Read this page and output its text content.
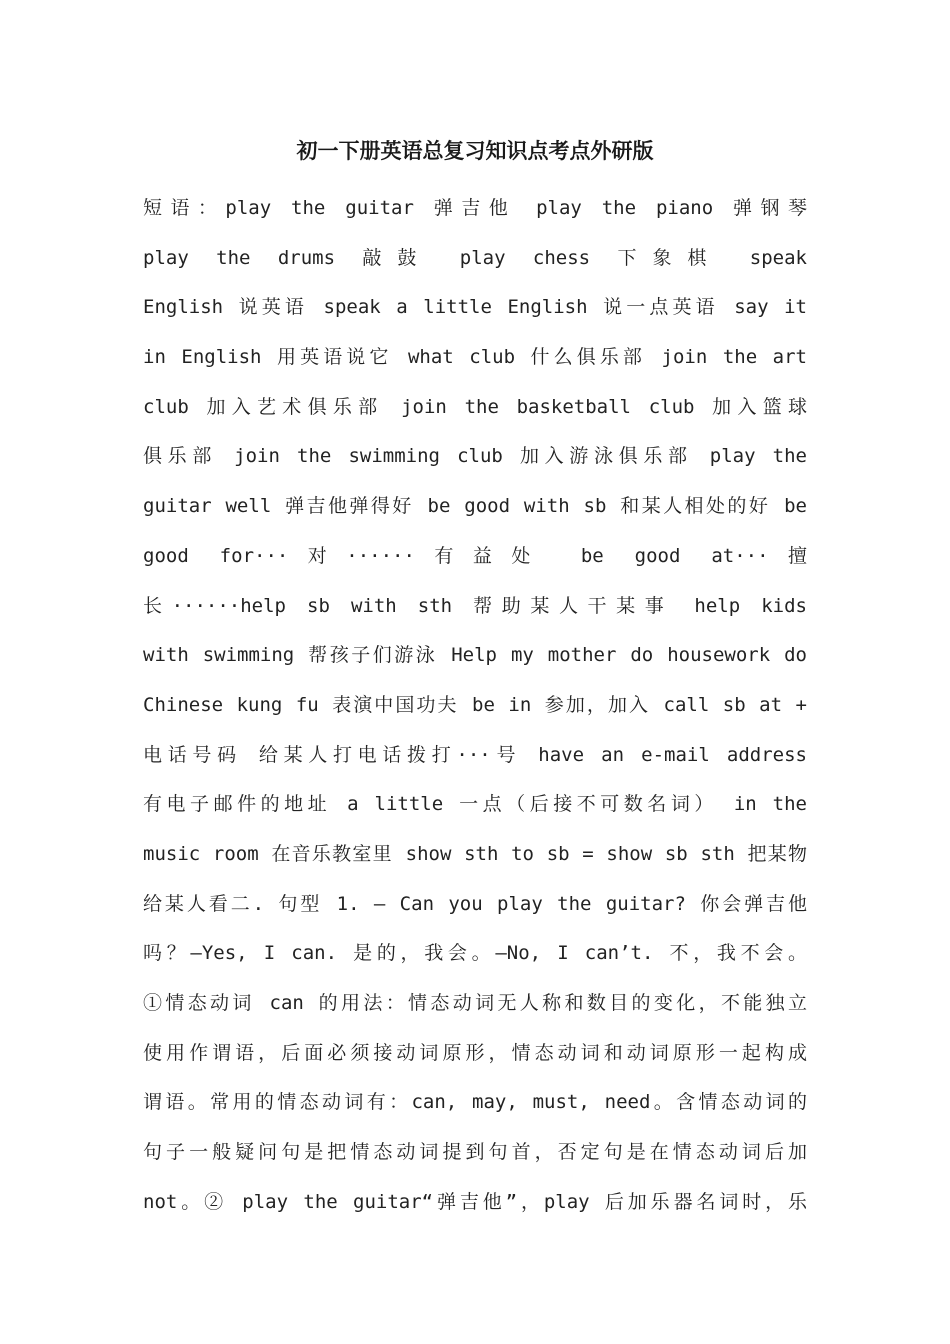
初一下册英语总复习知识点考点外研版
短语：play the guitar 弹吉他 play the piano 弹钢琴
play the drums 敲鼓 play chess 下象棋 speak
English 说英语 speak a little English 说一点英语 say it
in English 用英语说它 what club 什么俱乐部 join the art
club 加入艺术俱乐部 join the basketball club 加入篮球
俱乐部 join the swimming club 加入游泳俱乐部 play the
guitar well 弹吉他弹得好 be good with sb 和某人相处的好 be
good for···对······有益处 be good at···擅
长······help sb with sth 帮助某人干某事 help kids
with swimming 帮孩子们游泳 Help my mother do housework do
Chinese kung fu 表演中国功夫 be in 参加，加入 call sb at +
电话号码 给某人打电话拨打···号 have an e-mail address
有电子邮件的地址 a little 一点（后接不可数名词） in the
music room 在音乐教室里 show sth to sb = show sb sth 把某物
给某人看二. 句型 1. — Can you play the guitar? 你会弹吉他
吗？—Yes, I can. 是的，我会。—No, I can’t. 不，我不会。
①情态动词 can 的用法：情态动词无人称和数目的变化，不能独立
使用作谓语，后面必须接动词原形，情态动词和动词原形一起构成
谓语。常用的情态动词有：can, may, must, need。含情态动词的
句子一般疑问句是把情态动词提到句首，否定句是在情态动词后加
not。② play the guitar“弹吉他”，play 后加乐器名词时，乐
